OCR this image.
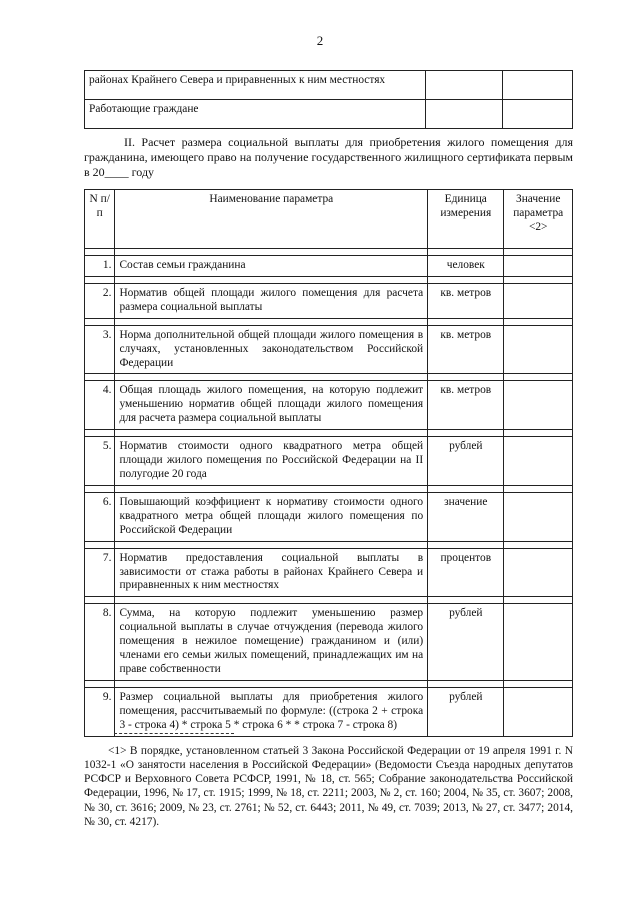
2
районах Крайнего Севера и приравненных к ним местностях		
Работающие граждане		
II. Расчет размера социальной выплаты для приобретения жилого помещения для гражданина, имеющего право на получение государственного жилищного сертификата первым в 20____ году
N п/п	Наименование параметра	Единица измерения	Значение параметра <2>

1.	Состав семьи гражданина	человек	

2.	Норматив общей площади жилого помещения для расчета размера социальной выплаты	кв. метров	

3.	Норма дополнительной общей площади жилого помещения в случаях, установленных законодательством Российской Федерации	кв. метров	

4.	Общая площадь жилого помещения, на которую подлежит уменьшению норматив общей площади жилого помещения для расчета размера социальной выплаты	кв. метров	

5.	Норматив стоимости одного квадратного метра общей площади жилого помещения по Российской Федерации на II полугодие 20 года	рублей	

6.	Повышающий коэффициент к нормативу стоимости одного квадратного метра общей площади жилого помещения по Российской Федерации	значение	

7.	Норматив предоставления социальной выплаты в зависимости от стажа работы в районах Крайнего Севера и приравненных к ним местностях	процентов	

8.	Сумма, на которую подлежит уменьшению размер социальной выплаты в случае отчуждения (перевода жилого помещения в нежилое помещение) гражданином и (или) членами его семьи жилых помещений, принадлежащих им на праве собственности	рублей	

9.	Размер социальной выплаты для приобретения жилого помещения, рассчитываемый по формуле: ((строка 2 + строка 3 - строка 4) * строка 5 * строка 6 * * строка 7 - строка 8)	рублей	
<1> В порядке, установленном статьей 3 Закона Российской Федерации от 19 апреля 1991 г. N 1032-1 «О занятости населения в Российской Федерации» (Ведомости Съезда народных депутатов РСФСР и Верховного Совета РСФСР, 1991, № 18, ст. 565; Собрание законодательства Российской Федерации, 1996, № 17, ст. 1915; 1999, № 18, ст. 2211; 2003, № 2, ст. 160; 2004, № 35, ст. 3607; 2008, № 30, ст. 3616; 2009, № 23, ст. 2761; № 52, ст. 6443; 2011, № 49, ст. 7039; 2013, № 27, ст. 3477; 2014, № 30, ст. 4217).
